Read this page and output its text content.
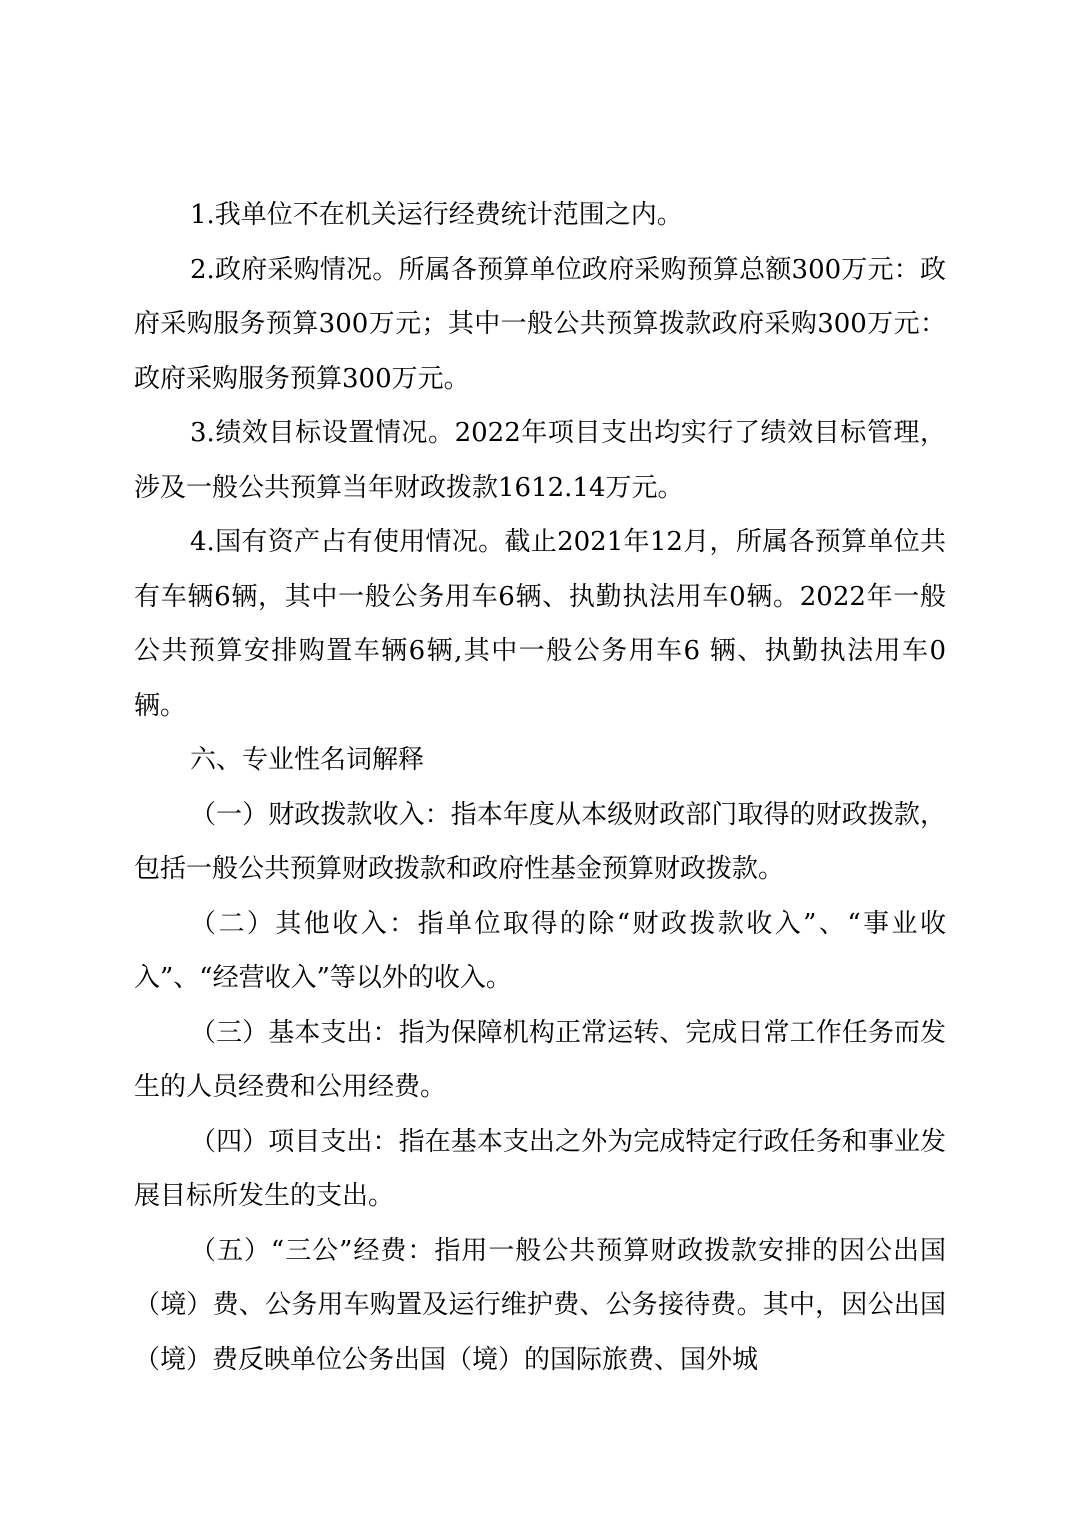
1.我单位不在机关运行经费统计范围之内。

2.政府采购情况。所属各预算单位政府采购预算总额300万元：政府采购服务预算300万元；其中一般公共预算拨款政府采购300万元：政府采购服务预算300万元。

3.绩效目标设置情况。2022年项目支出均实行了绩效目标管理，涉及一般公共预算当年财政拨款1612.14万元。

4.国有资产占有使用情况。截止2021年12月，所属各预算单位共有车辆6辆，其中一般公务用车6辆、执勤执法用车0辆。2022年一般公共预算安排购置车辆6辆,其中一般公务用车6 辆、执勤执法用车0辆。

六、专业性名词解释

（一）财政拨款收入：指本年度从本级财政部门取得的财政拨款，包括一般公共预算财政拨款和政府性基金预算财政拨款。

（二）其他收入：指单位取得的除“财政拨款收入”、“事业收入”、“经营收入”等以外的收入。

（三）基本支出：指为保障机构正常运转、完成日常工作任务而发生的人员经费和公用经费。

（四）项目支出：指在基本支出之外为完成特定行政任务和事业发展目标所发生的支出。

（五）“三公”经费：指用一般公共预算财政拨款安排的因公出国（境）费、公务用车购置及运行维护费、公务接待费。其中，因公出国（境）费反映单位公务出国（境）的国际旅费、国外城
